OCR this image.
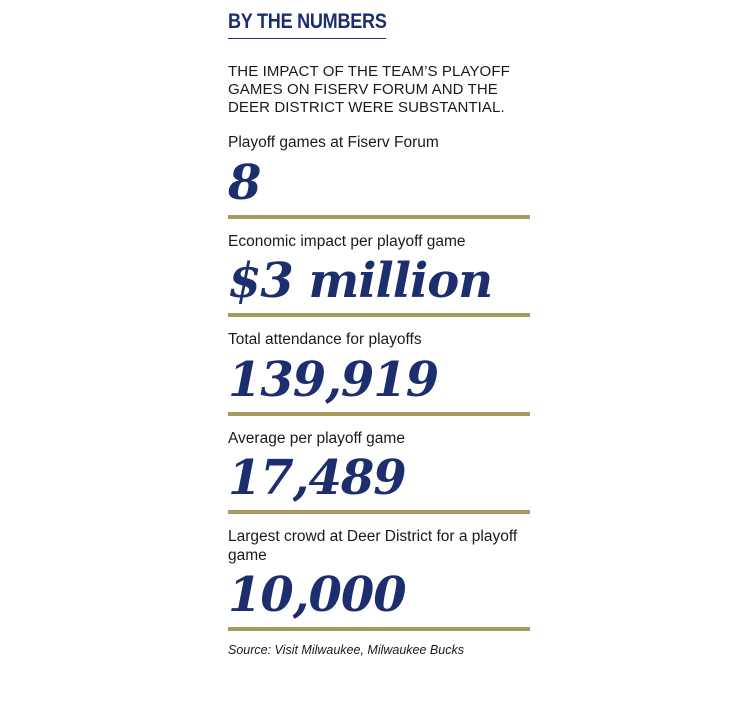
BY THE NUMBERS
THE IMPACT OF THE TEAM’S PLAYOFF GAMES ON FISERV FORUM AND THE DEER DISTRICT WERE SUBSTANTIAL.
Playoff games at Fiserv Forum
8
Economic impact per playoff game
$3 million
Total attendance for playoffs
139,919
Average per playoff game
17,489
Largest crowd at Deer District for a playoff game
10,000
Source: Visit Milwaukee, Milwaukee Bucks
